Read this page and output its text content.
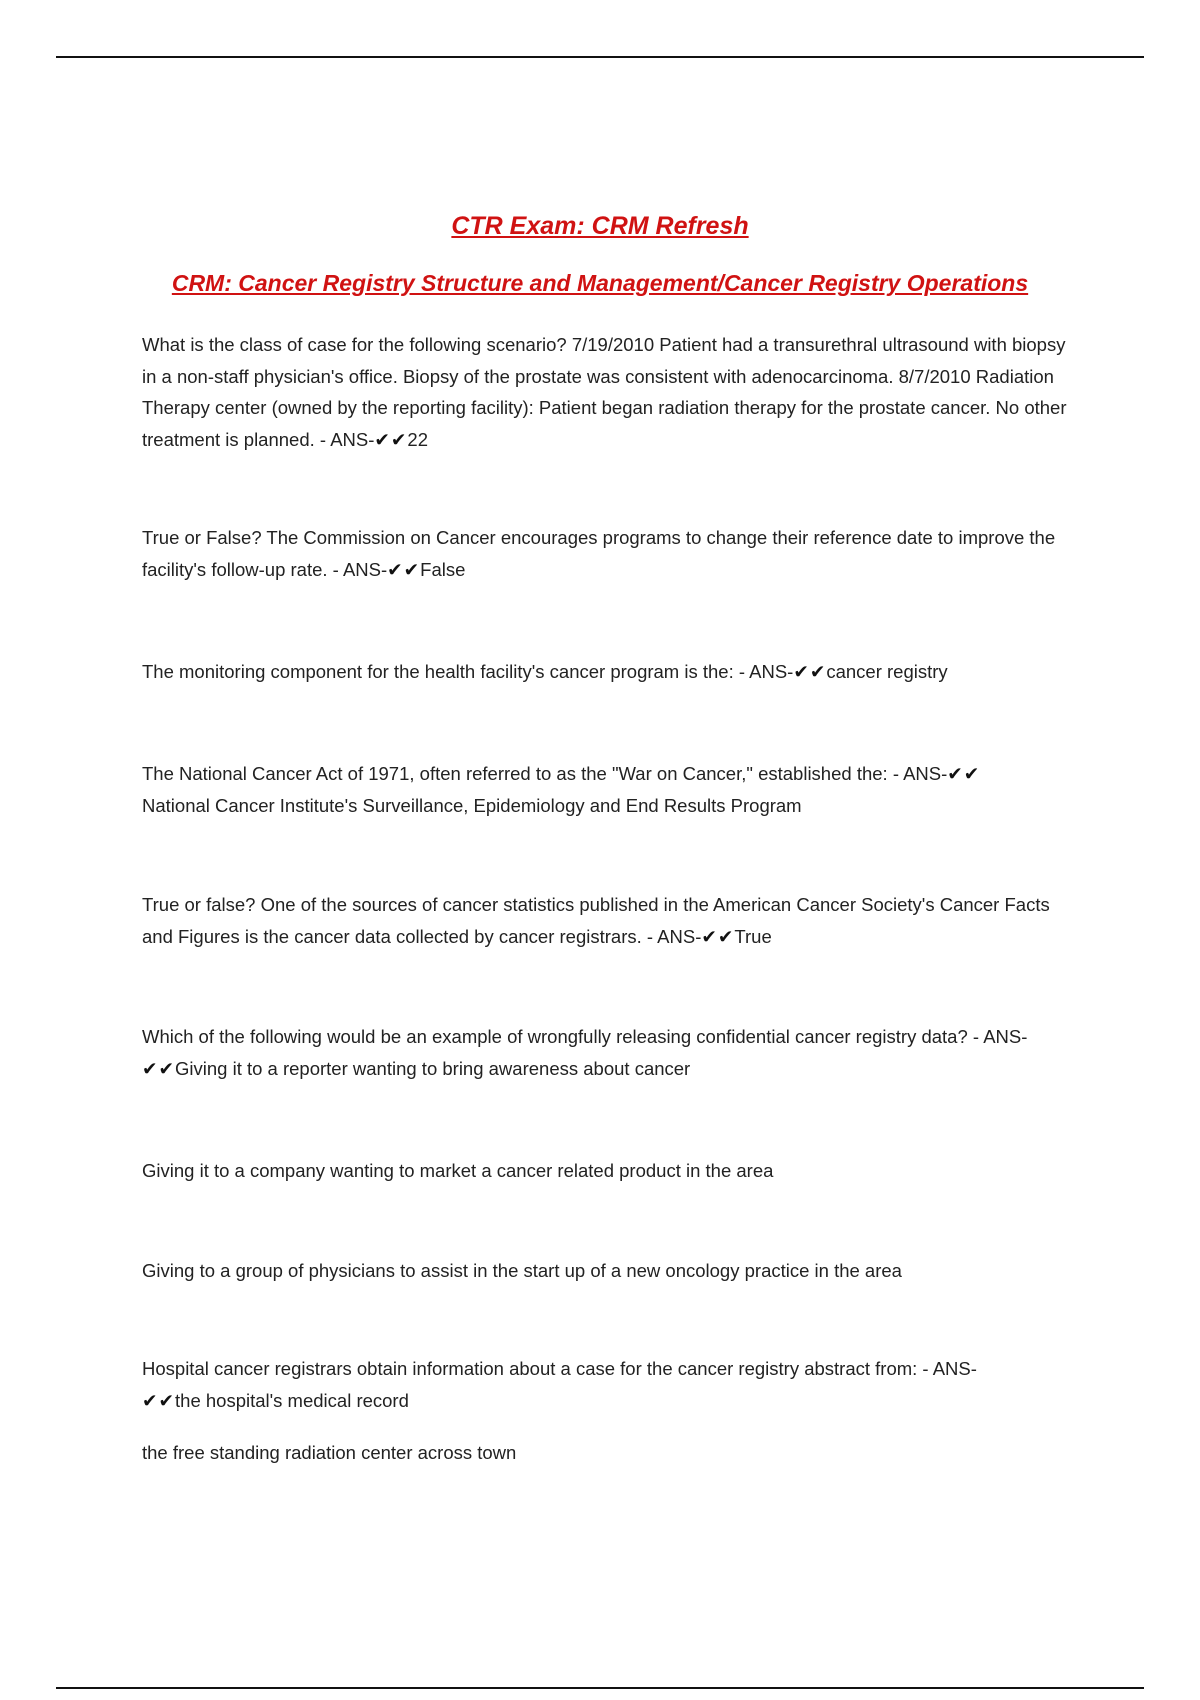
CTR Exam: CRM Refresh
CRM: Cancer Registry Structure and Management/Cancer Registry Operations
What is the class of case for the following scenario? 7/19/2010 Patient had a transurethral ultrasound with biopsy in a non-staff physician's office. Biopsy of the prostate was consistent with adenocarcinoma. 8/7/2010 Radiation Therapy center (owned by the reporting facility): Patient began radiation therapy for the prostate cancer. No other treatment is planned. - ANS-✔✔22
True or False? The Commission on Cancer encourages programs to change their reference date to improve the facility's follow-up rate. - ANS-✔✔False
The monitoring component for the health facility's cancer program is the: - ANS-✔✔cancer registry
The National Cancer Act of 1971, often referred to as the "War on Cancer," established the: - ANS-✔✔
National Cancer Institute's Surveillance, Epidemiology and End Results Program
True or false? One of the sources of cancer statistics published in the American Cancer Society's Cancer Facts and Figures is the cancer data collected by cancer registrars. - ANS-✔✔True
Which of the following would be an example of wrongfully releasing confidential cancer registry data? - ANS-✔✔Giving it to a reporter wanting to bring awareness about cancer
Giving it to a company wanting to market a cancer related product in the area
Giving to a group of physicians to assist in the start up of a new oncology practice in the area
Hospital cancer registrars obtain information about a case for the cancer registry abstract from: - ANS-
✔✔the hospital's medical record
the free standing radiation center across town
